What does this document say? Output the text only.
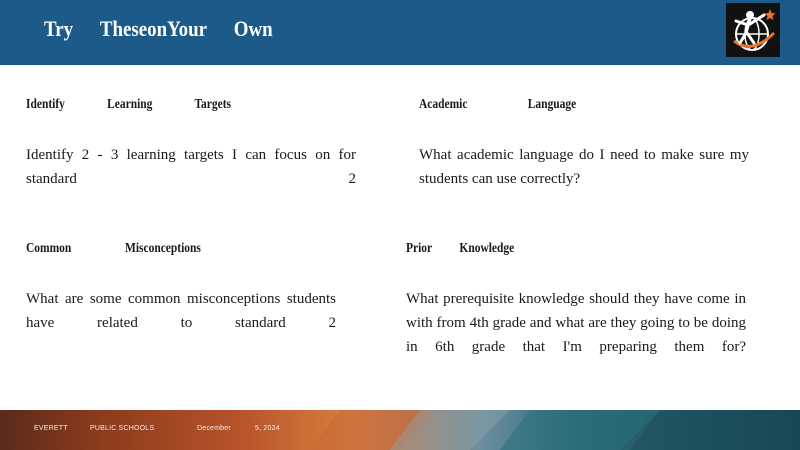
Try TheseonYour Own
Identify Learning Targets
Identify 2 - 3 learning targets I can focus on for standard 2
Academic Language
What academic language do I need to make sure my students can use correctly?
Common Misconceptions
What are some common misconceptions students have related to standard 2
Prior Knowledge
What prerequisite knowledge should they have come in with from 4th grade and what are they going to be doing in 6th grade that I'm preparing them for?
EVERETT	PUBLIC SCHOOLS	December	5, 2024
